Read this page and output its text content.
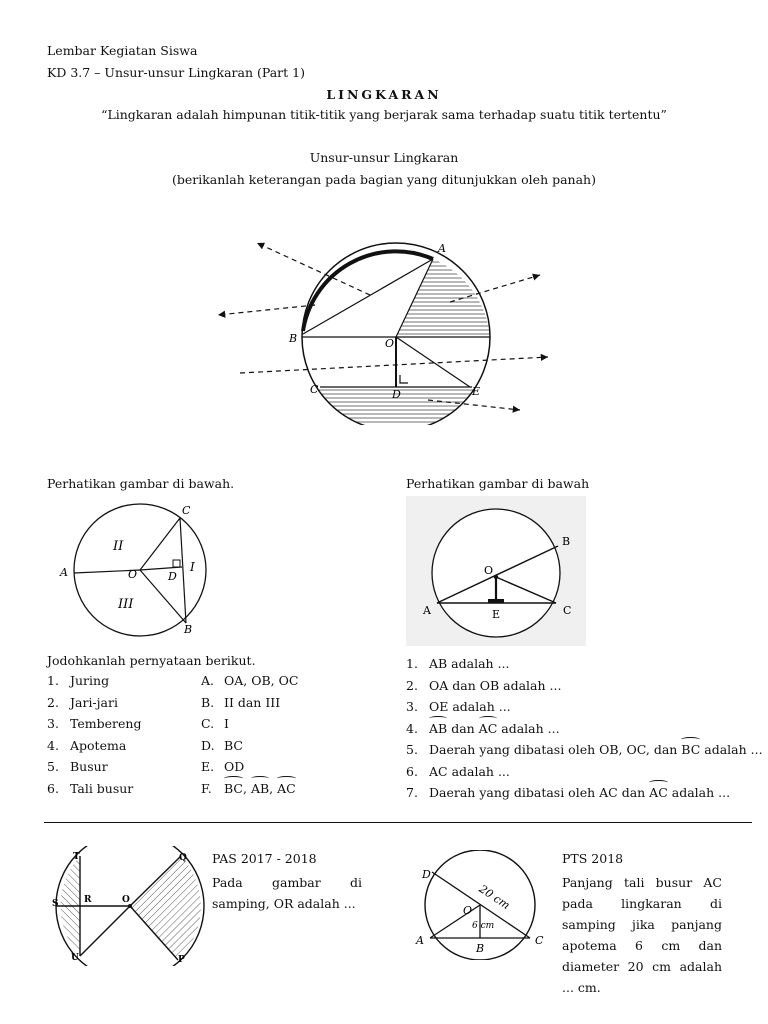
Lembar Kegiatan Siswa
KD 3.7 – Unsur-unsur Lingkaran (Part 1)
LINGKARAN
“Lingkaran adalah himpunan titik-titik yang berjarak sama terhadap suatu titik tertentu”
Unsur-unsur Lingkaran
(berikanlah keterangan pada bagian yang ditunjukkan oleh panah)
A
B	O
C	D	E
Perhatikan gambar di bawah.
C
A	O	D
I
II
III
B
Jodohkanlah pernyataan berikut.
1. Juring
2. Jari-jari
3. Tembereng
4. Apotema
5. Busur
6. Tali busur
A. OA, OB, OC
B. II dan III
C. I
D. BC
E. OD
F. BC, AB, AC
Perhatikan gambar di bawah
B
O
A	E	C
1. AB adalah ...
2. OA dan OB adalah ...
3. OE adalah ...
4. AB dan AC adalah ...
5. Daerah yang dibatasi oleh OB, OC, dan BC adalah ...
6. AC adalah ...
7. Daerah yang dibatasi oleh AC dan AC adalah ...
T	Q
S	R	O
U	P
PAS 2017 - 2018
Pada gambar di samping, OR adalah ...
D
O
A
B
C
20 cm
6 cm
PTS 2018
Panjang tali busur AC pada lingkaran di samping jika panjang apotema 6 cm dan diameter 20 cm adalah ... cm.
